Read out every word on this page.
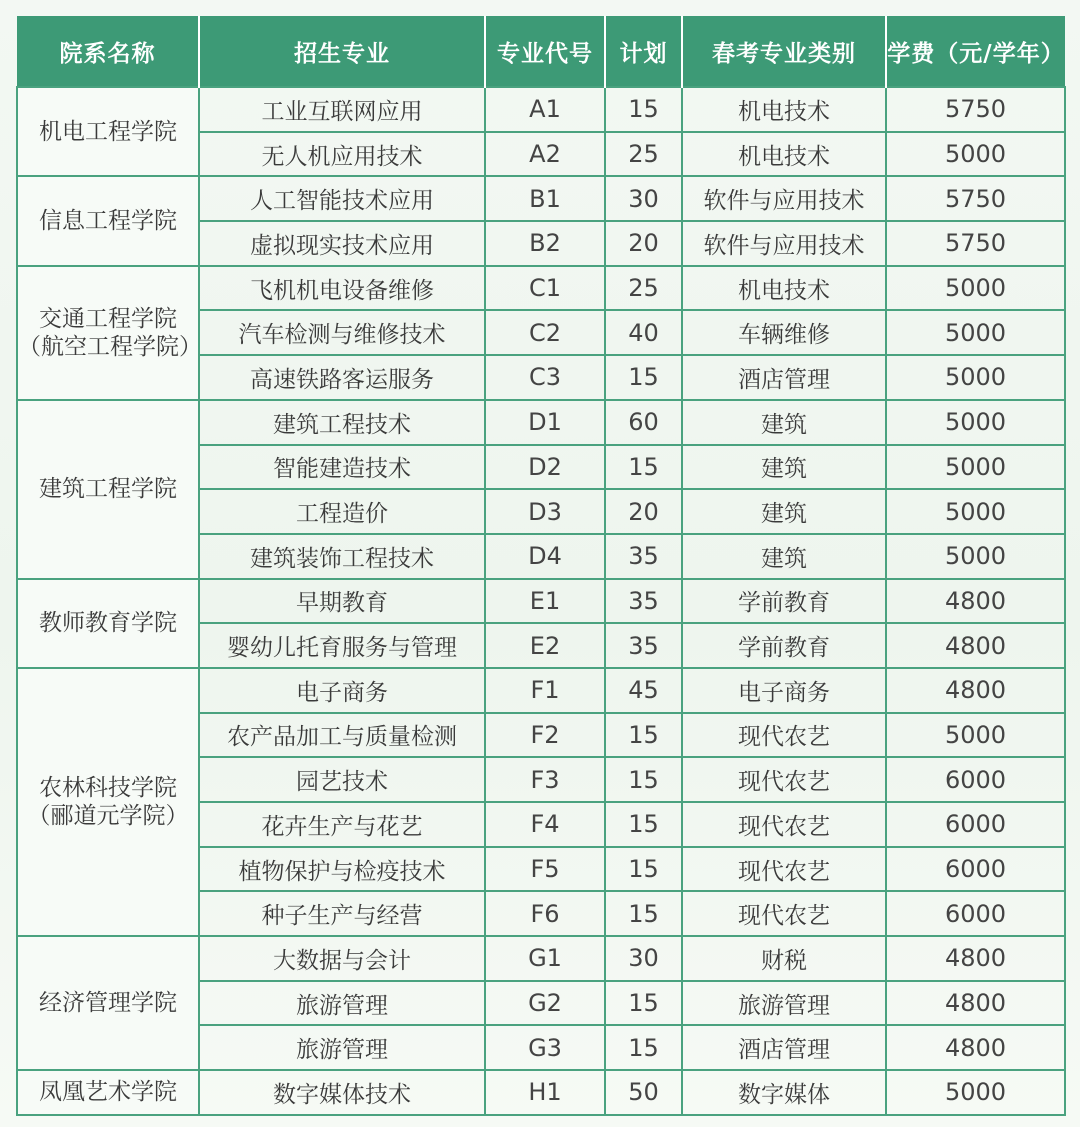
院系名称	招生专业	专业代号	计划	春考专业类别	学费（元/学年）

机电工程学院	工业互联网应用	A1	15	机电技术	5750
	无人机应用技术	A2	25	机电技术	5000

信息工程学院	人工智能技术应用	B1	30	软件与应用技术	5750
	虚拟现实技术应用	B2	20	软件与应用技术	5750

交通工程学院
（航空工程学院）	飞机机电设备维修	C1	25	机电技术	5000
	汽车检测与维修技术	C2	40	车辆维修	5000
	高速铁路客运服务	C3	15	酒店管理	5000

建筑工程学院	建筑工程技术	D1	60	建筑	5000
	智能建造技术	D2	15	建筑	5000
	工程造价	D3	20	建筑	5000
	建筑装饰工程技术	D4	35	建筑	5000

教师教育学院	早期教育	E1	35	学前教育	4800
	婴幼儿托育服务与管理	E2	35	学前教育	4800

农林科技学院
（郦道元学院）	电子商务	F1	45	电子商务	4800
	农产品加工与质量检测	F2	15	现代农艺	5000
	园艺技术	F3	15	现代农艺	6000
	花卉生产与花艺	F4	15	现代农艺	6000
	植物保护与检疫技术	F5	15	现代农艺	6000
	种子生产与经营	F6	15	现代农艺	6000

经济管理学院	大数据与会计	G1	30	财税	4800
	旅游管理	G2	15	旅游管理	4800
	旅游管理	G3	15	酒店管理	4800

凤凰艺术学院	数字媒体技术	H1	50	数字媒体	5000
